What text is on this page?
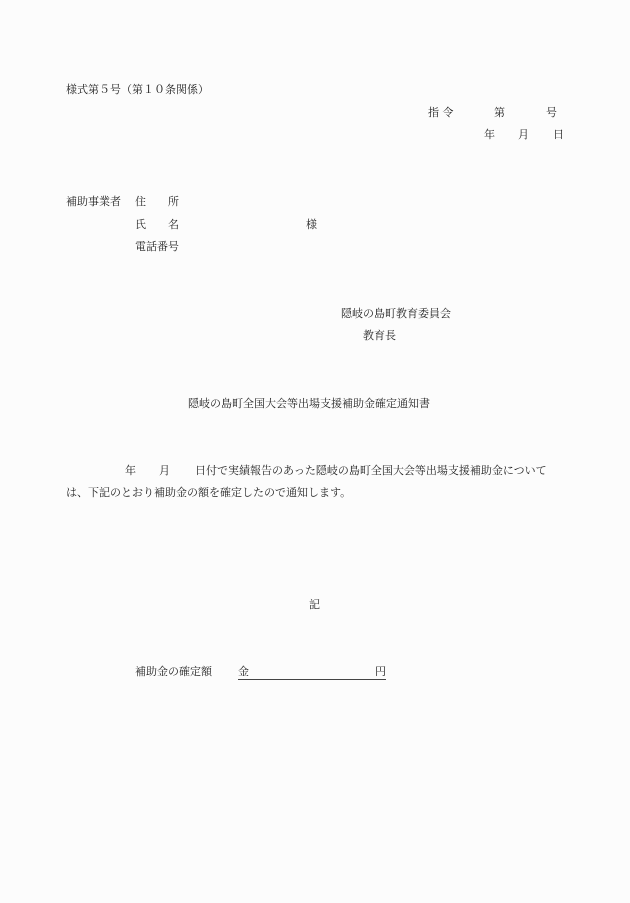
様式第５号（第１０条関係）
指 令	第	号
年 月 日
補助事業者 住　　所
氏　　名	様
電話番号
隠岐の島町教育委員会
教育長
隠岐の島町全国大会等出場支援補助金確定通知書
年 月 日付で実績報告のあった隠岐の島町全国大会等出場支援補助金について
は、下記のとおり補助金の額を確定したので通知します。
記
補助金の確定額 金	円
